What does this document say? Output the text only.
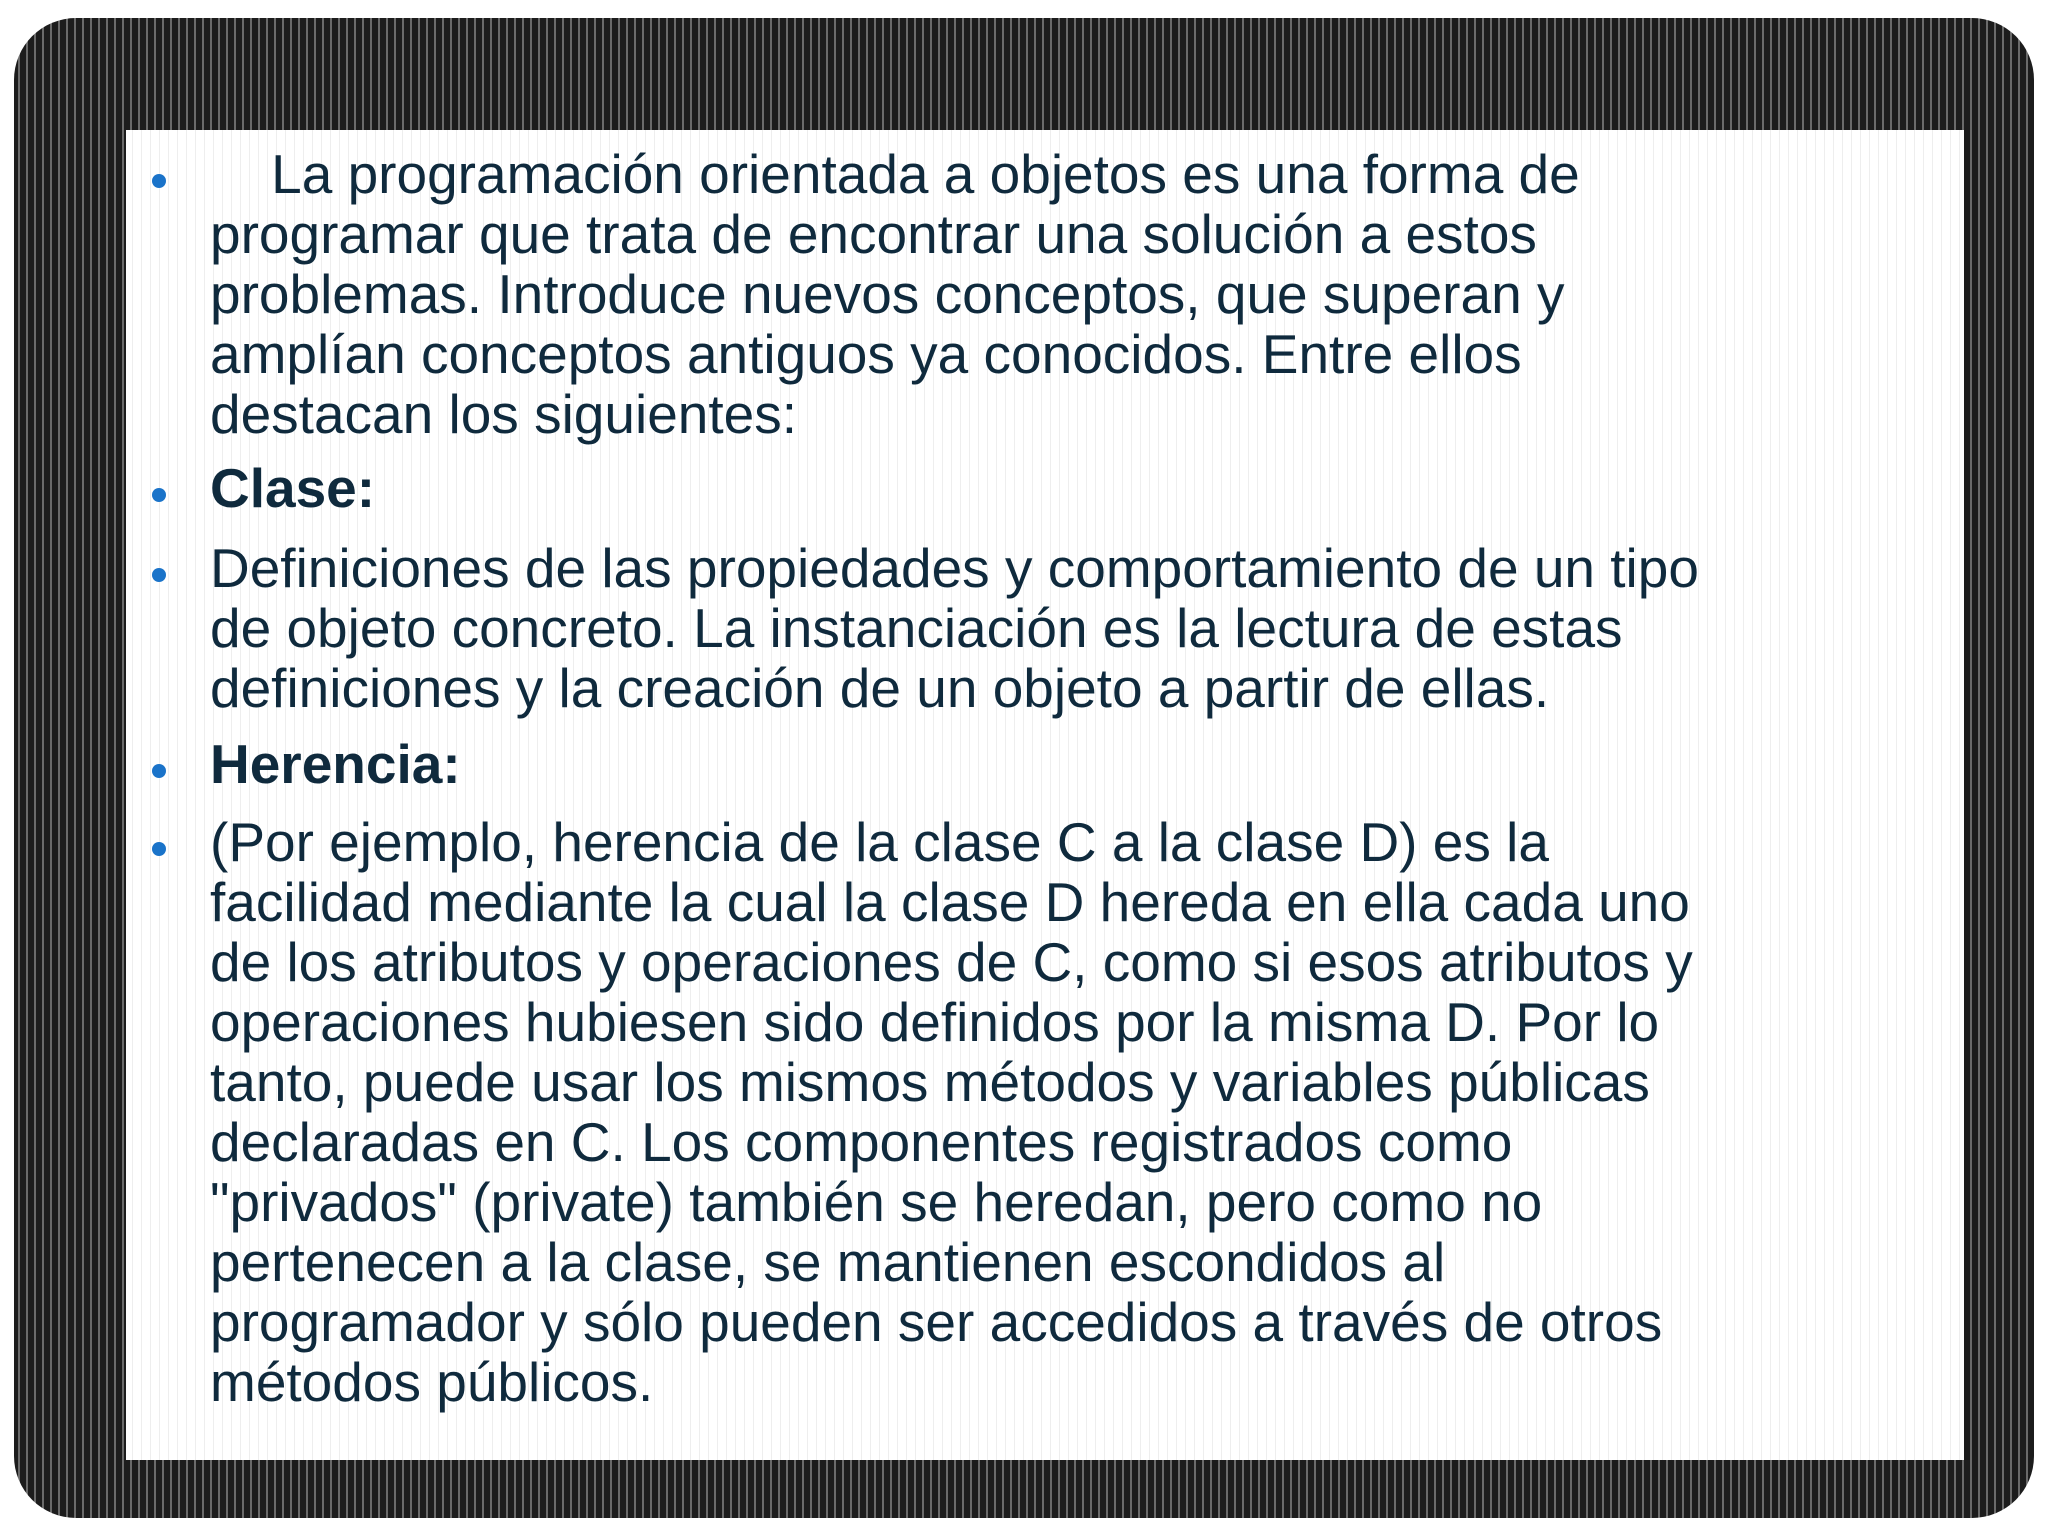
La programación orientada a objetos es una forma de
programar que trata de encontrar una solución a estos
problemas. Introduce nuevos conceptos, que superan y
amplían conceptos antiguos ya conocidos. Entre ellos
destacan los siguientes:

Clase:

Definiciones de las propiedades y comportamiento de un tipo
de objeto concreto. La instanciación es la lectura de estas
definiciones y la creación de un objeto a partir de ellas.

Herencia:

(Por ejemplo, herencia de la clase C a la clase D) es la
facilidad mediante la cual la clase D hereda en ella cada uno
de los atributos y operaciones de C, como si esos atributos y
operaciones hubiesen sido definidos por la misma D. Por lo
tanto, puede usar los mismos métodos y variables públicas
declaradas en C. Los componentes registrados como
"privados" (private) también se heredan, pero como no
pertenecen a la clase, se mantienen escondidos al
programador y sólo pueden ser accedidos a través de otros
métodos públicos.
